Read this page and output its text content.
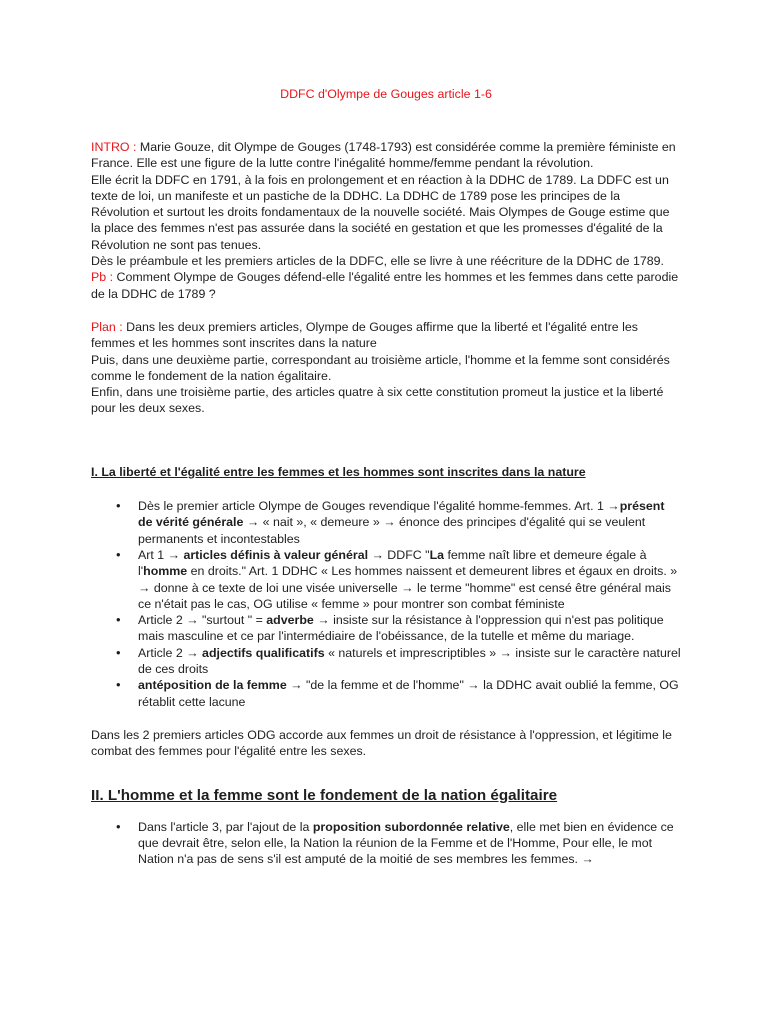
DDFC d'Olympe de Gouges article 1-6

INTRO : Marie Gouze, dit Olympe de Gouges (1748-1793) est considérée comme la première féministe en France. Elle est une figure de la lutte contre l'inégalité homme/femme pendant la révolution.

Elle écrit la DDFC en 1791, à la fois en prolongement et en réaction à la DDHC de 1789. La DDFC est un texte de loi, un manifeste et un pastiche de la DDHC. La DDHC de 1789 pose les principes de la Révolution et surtout les droits fondamentaux de la nouvelle société. Mais Olympes de Gouge estime que la place des femmes n'est pas assurée dans la société en gestation et que les promesses d'égalité de la Révolution ne sont pas tenues.

Dès le préambule et les premiers articles de la DDFC, elle se livre à une réécriture de la DDHC de 1789.

Pb : Comment Olympe de Gouges défend-elle l'égalité entre les hommes et les femmes dans cette parodie de la DDHC de 1789 ?

Plan : Dans les deux premiers articles, Olympe de Gouges affirme que la liberté et l'égalité entre les femmes et les hommes sont inscrites dans la nature

Puis, dans une deuxième partie, correspondant au troisième article, l'homme et la femme sont considérés comme le fondement de la nation égalitaire.

Enfin, dans une troisième partie, des articles quatre à six cette constitution promeut la justice et la liberté pour les deux sexes.

I. La liberté et l'égalité entre les femmes et les hommes sont inscrites dans la nature

• Dès le premier article Olympe de Gouges revendique l'égalité homme-femmes. Art. 1 →présent de vérité générale → « nait », « demeure » → énonce des principes d'égalité qui se veulent permanents et incontestables
• Art 1 → articles définis à valeur général → DDFC "La femme naît libre et demeure égale à l'homme en droits." Art. 1 DDHC « Les hommes naissent et demeurent libres et égaux en droits. » → donne à ce texte de loi une visée universelle → le terme "homme" est censé être général mais ce n'était pas le cas, OG utilise « femme » pour montrer son combat féministe
• Article 2 → "surtout " = adverbe → insiste sur la résistance à l'oppression qui n'est pas politique mais masculine et ce par l'intermédiaire de l'obéissance, de la tutelle et même du mariage.
• Article 2 → adjectifs qualificatifs « naturels et imprescriptibles » → insiste sur le caractère naturel de ces droits
• antéposition de la femme → "de la femme et de l'homme" → la DDHC avait oublié la femme, OG rétablit cette lacune

Dans les 2 premiers articles ODG accorde aux femmes un droit de résistance à l'oppression, et légitime le combat des femmes pour l'égalité entre les sexes.

II. L'homme et la femme sont le fondement de la nation égalitaire

• Dans l'article 3, par l'ajout de la proposition subordonnée relative, elle met bien en évidence ce que devrait être, selon elle, la Nation la réunion de la Femme et de l'Homme, Pour elle, le mot Nation n'a pas de sens s'il est amputé de la moitié de ses membres les femmes. →
